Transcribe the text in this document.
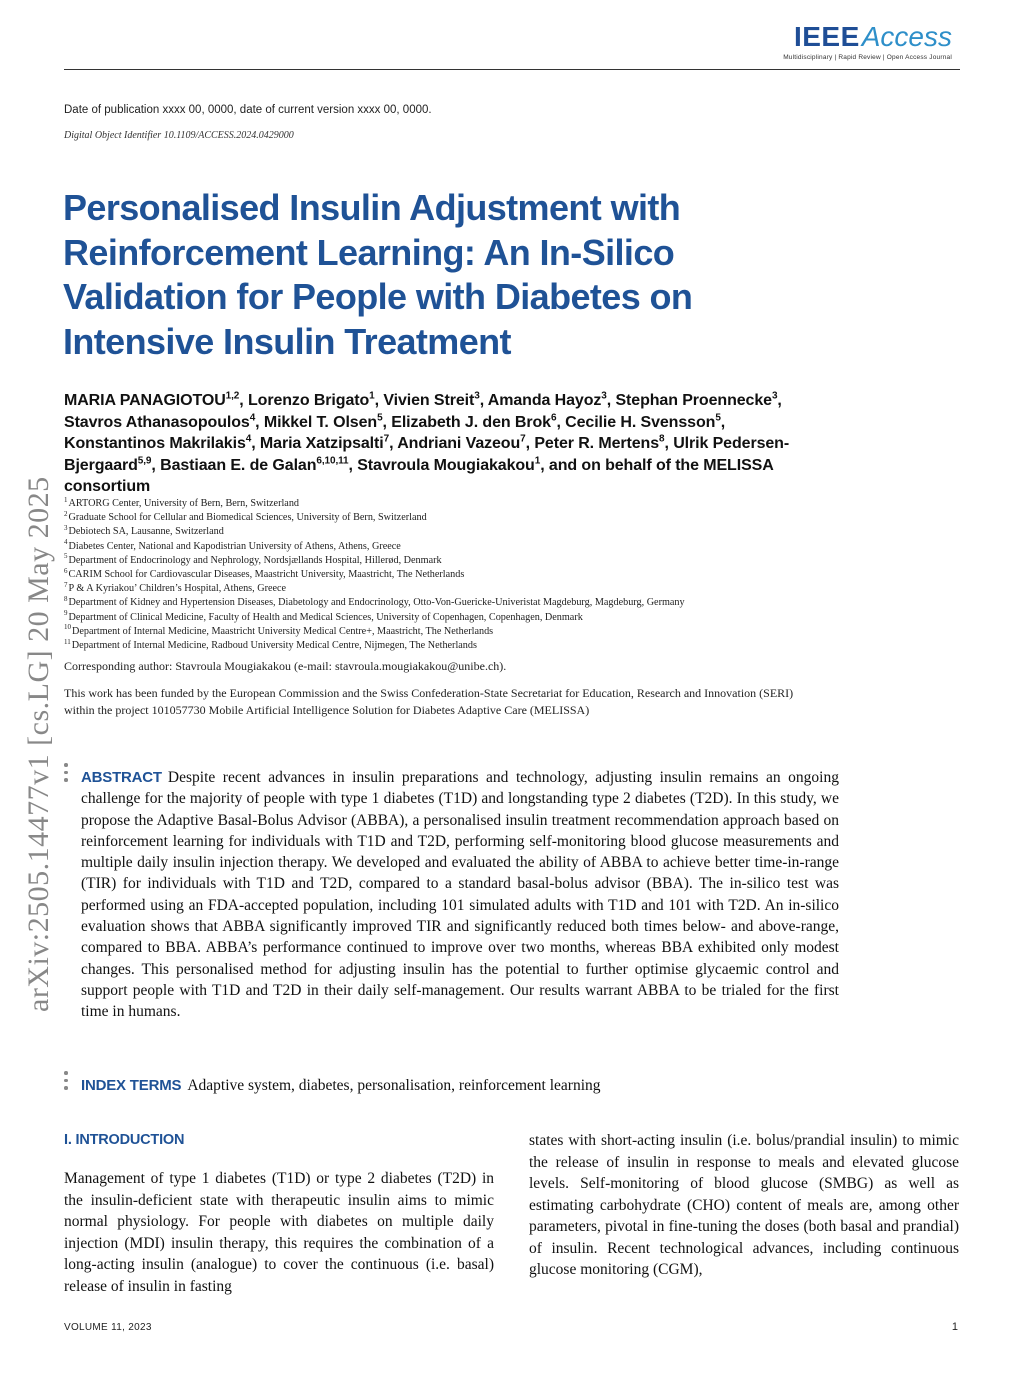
IEEE Access
Multidisciplinary | Rapid Review | Open Access Journal
Date of publication xxxx 00, 0000, date of current version xxxx 00, 0000.
Digital Object Identifier 10.1109/ACCESS.2024.0429000
Personalised Insulin Adjustment with Reinforcement Learning: An In-Silico Validation for People with Diabetes on Intensive Insulin Treatment
MARIA PANAGIOTOU$^{1,2}$, Lorenzo Brigato$^1$, Vivien Streit$^3$, Amanda Hayoz$^3$, Stephan Proennecke$^3$, Stavros Athanasopoulos$^4$, Mikkel T. Olsen$^5$, Elizabeth J. den Brok$^6$, Cecilie H. Svensson$^5$, Konstantinos Makrilakis$^4$, Maria Xatzipsalti$^7$, Andriani Vazeou$^7$, Peter R. Mertens$^8$, Ulrik Pedersen-Bjergaard$^{5,9}$, Bastiaan E. de Galan$^{6,10,11}$, Stavroula Mougiakakou$^1$, and on behalf of the MELISSA consortium
$^1$ARTORG Center, University of Bern, Bern, Switzerland
$^2$Graduate School for Cellular and Biomedical Sciences, University of Bern, Switzerland
$^3$Debiotech SA, Lausanne, Switzerland
$^4$Diabetes Center, National and Kapodistrian University of Athens, Athens, Greece
$^5$Department of Endocrinology and Nephrology, Nordsjællands Hospital, Hillerød, Denmark
$^6$CARIM School for Cardiovascular Diseases, Maastricht University, Maastricht, The Netherlands
$^7$P & A Kyriakou’ Children’s Hospital, Athens, Greece
$^8$Department of Kidney and Hypertension Diseases, Diabetology and Endocrinology, Otto-Von-Guericke-Univeristat Magdeburg, Magdeburg, Germany
$^9$Department of Clinical Medicine, Faculty of Health and Medical Sciences, University of Copenhagen, Copenhagen, Denmark
$^{10}$Department of Internal Medicine, Maastricht University Medical Centre+, Maastricht, The Netherlands
$^{11}$Department of Internal Medicine, Radboud University Medical Centre, Nijmegen, The Netherlands
Corresponding author: Stavroula Mougiakakou (e-mail: stavroula.mougiakakou@unibe.ch).
This work has been funded by the European Commission and the Swiss Confederation-State Secretariat for Education, Research and Innovation (SERI) within the project 101057730 Mobile Artificial Intelligence Solution for Diabetes Adaptive Care (MELISSA)
arXiv:2505.14477v1 [cs.LG] 20 May 2025 ABSTRACT Despite recent advances in insulin preparations and technology, adjusting insulin remains an ongoing challenge for the majority of people with type 1 diabetes (T1D) and longstanding type 2 diabetes (T2D). In this study, we propose the Adaptive Basal-Bolus Advisor (ABBA), a personalised insulin treatment recommendation approach based on reinforcement learning for individuals with T1D and T2D, performing self-monitoring blood glucose measurements and multiple daily insulin injection therapy. We developed and evaluated the ability of ABBA to achieve better time-in-range (TIR) for individuals with T1D and T2D, compared to a standard basal-bolus advisor (BBA). The in-silico test was performed using an FDA-accepted population, including 101 simulated adults with T1D and 101 with T2D. An in-silico evaluation shows that ABBA significantly improved TIR and significantly reduced both times below- and above-range, compared to BBA. ABBA’s performance continued to improve over two months, whereas BBA exhibited only modest changes. This personalised method for adjusting insulin has the potential to further optimise glycaemic control and support people with T1D and T2D in their daily self-management. Our results warrant ABBA to be trialed for the first time in humans.
INDEX TERMS Adaptive system, diabetes, personalisation, reinforcement learning
I. INTRODUCTION
Management of type 1 diabetes (T1D) or type 2 diabetes (T2D) in the insulin-deficient state with therapeutic insulin aims to mimic normal physiology. For people with diabetes on multiple daily injection (MDI) insulin therapy, this requires the combination of a long-acting insulin (analogue) to cover the continuous (i.e. basal) release of insulin in fasting
states with short-acting insulin (i.e. bolus/prandial insulin) to mimic the release of insulin in response to meals and elevated glucose levels. Self-monitoring of blood glucose (SMBG) as well as estimating carbohydrate (CHO) content of meals are, among other parameters, pivotal in fine-tuning the doses (both basal and prandial) of insulin. Recent technological advances, including continuous glucose monitoring (CGM),
VOLUME 11, 2023	1
